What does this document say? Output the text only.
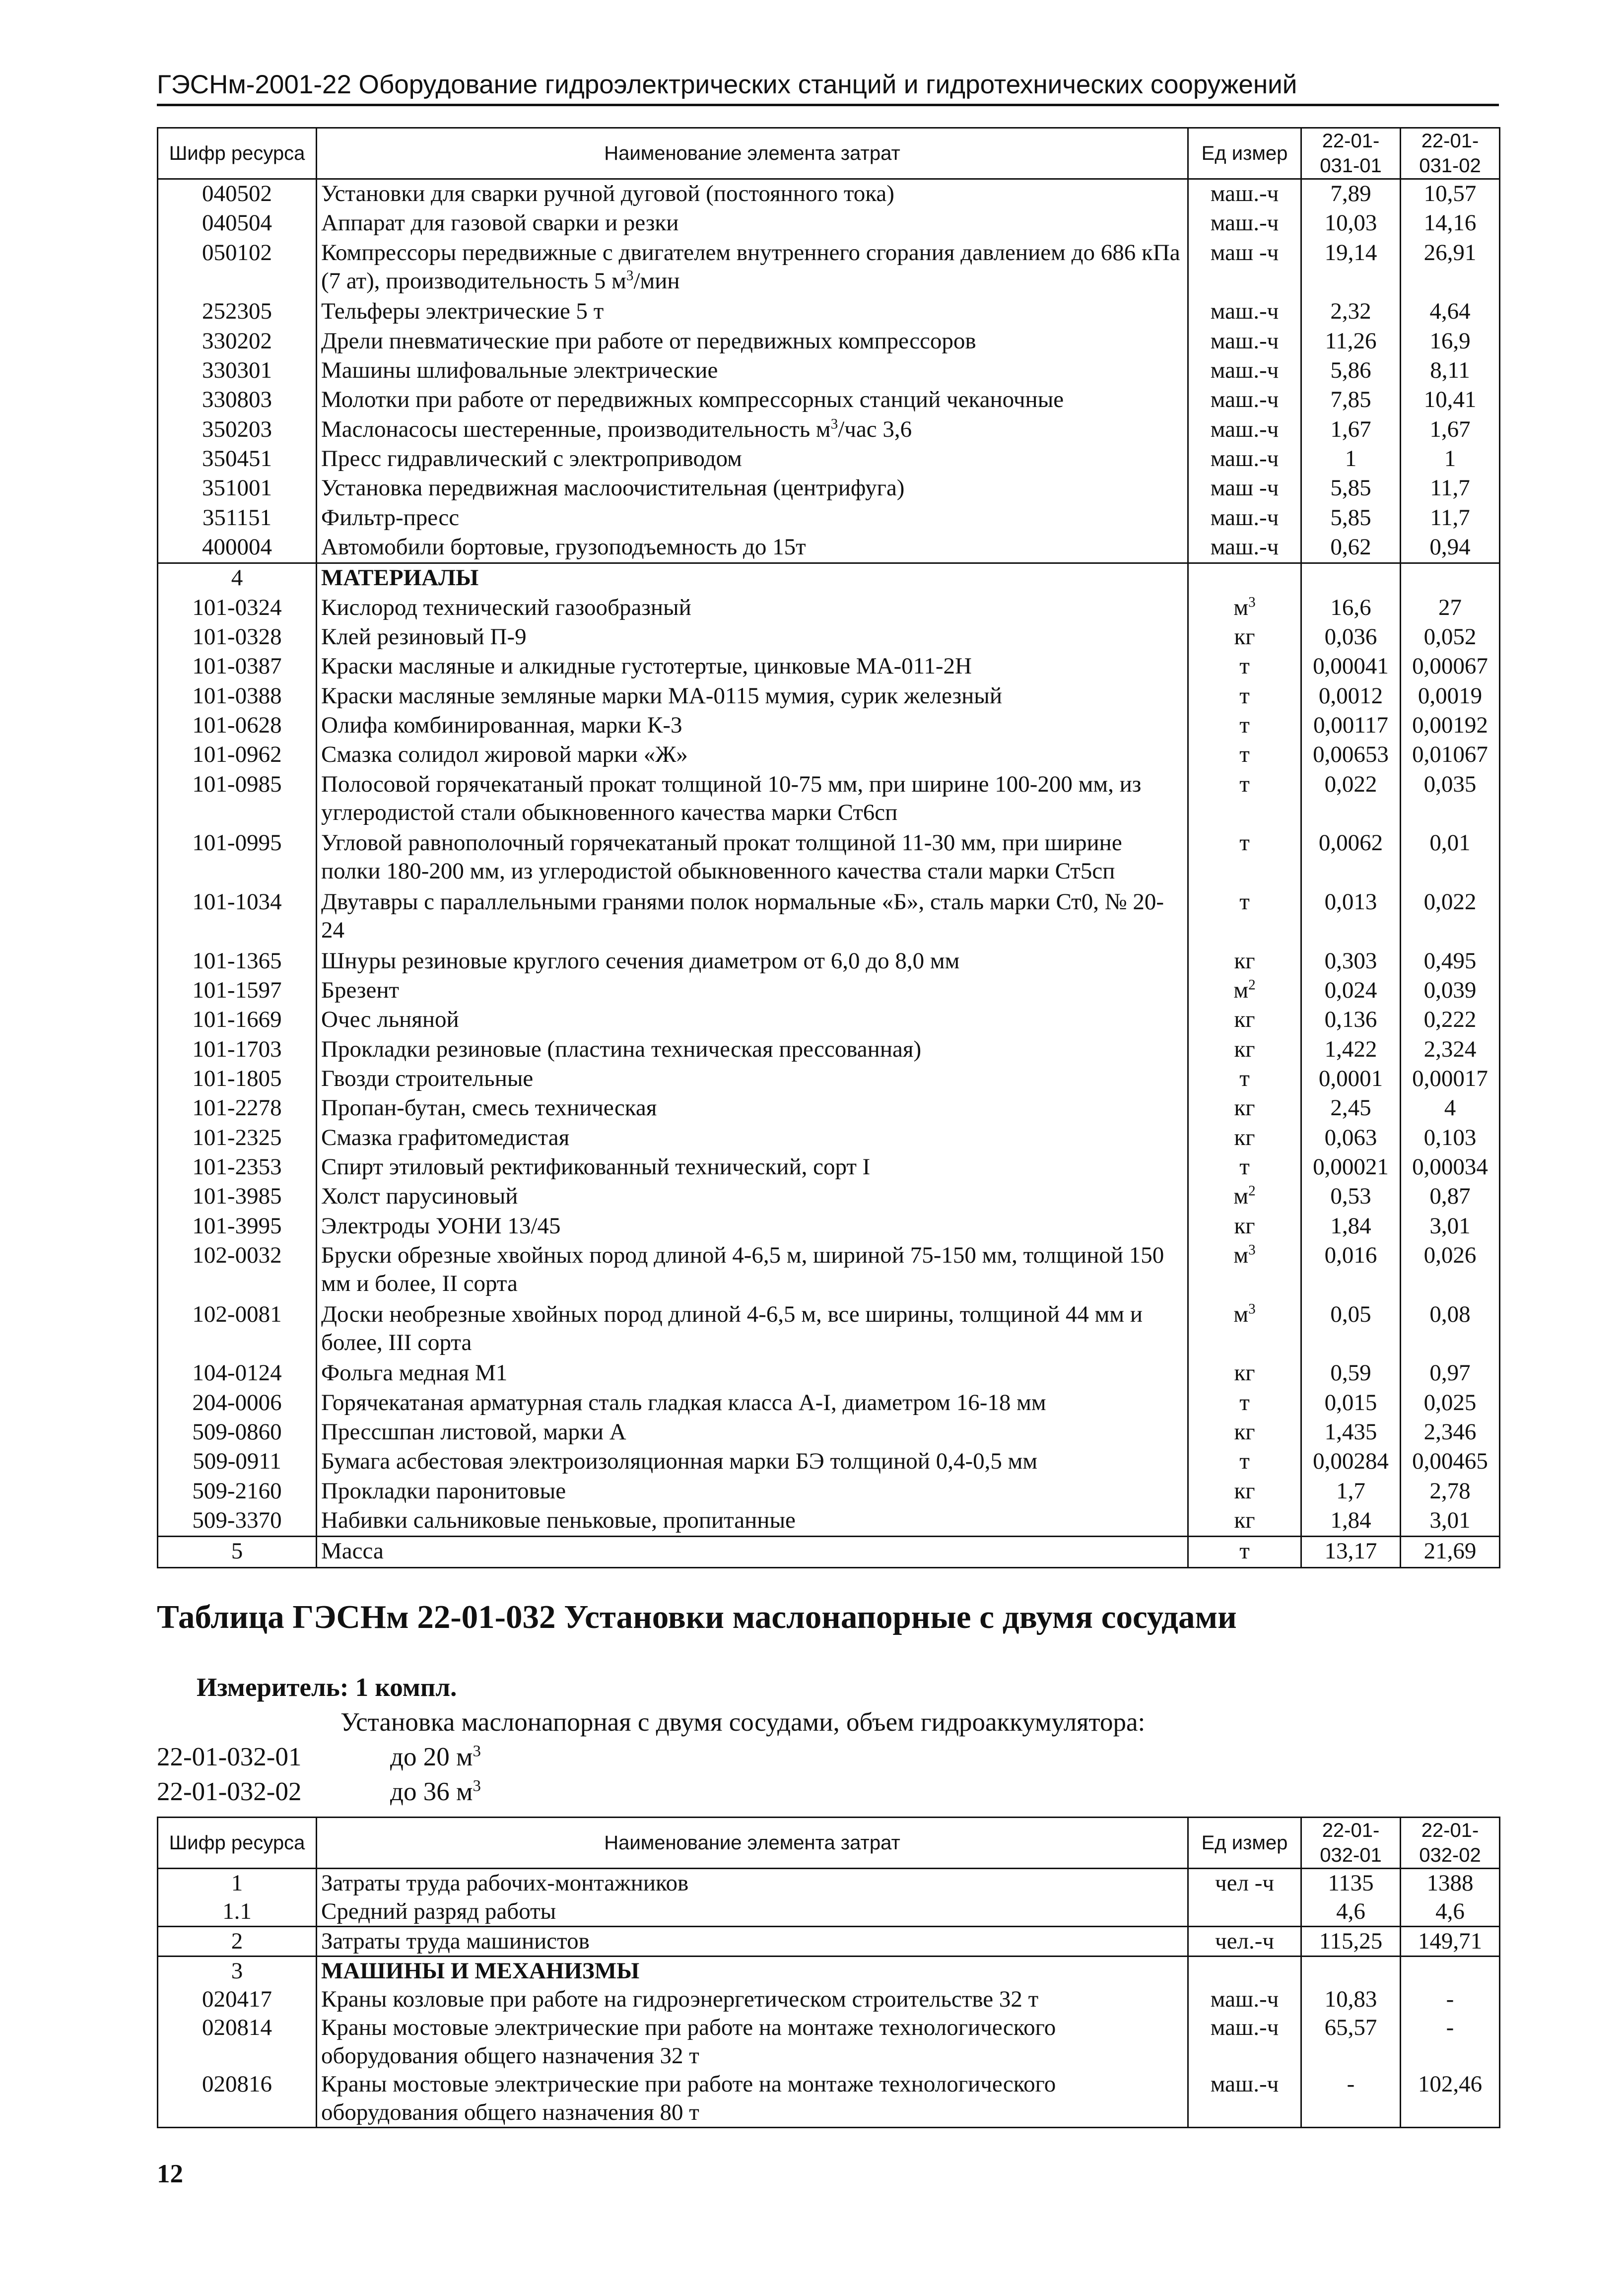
ГЭСНм-2001-22 Оборудование гидроэлектрических станций и гидротехнических сооружений
Шифр ресурса	Наименование элемента затрат	Ед измер	22-01-
031-01	22-01-
031-02
040502	Установки для сварки ручной дуговой (постоянного тока)	маш.-ч	7,89	10,57
040504	Аппарат для газовой сварки и резки	маш.-ч	10,03	14,16
050102	Компрессоры передвижные с двигателем внутреннего сгорания давлением до 686 кПа (7 ат), производительность 5 $м^3$/мин	маш -ч	19,14	26,91
252305	Тельферы электрические 5 т	маш.-ч	2,32	4,64
330202	Дрели пневматические при работе от передвижных компрессоров	маш.-ч	11,26	16,9
330301	Машины шлифовальные электрические	маш.-ч	5,86	8,11
330803	Молотки при работе от передвижных компрессорных станций чеканочные	маш.-ч	7,85	10,41
350203	Маслонасосы шестеренные, производительность $м^3$/час 3,6	маш.-ч	1,67	1,67
350451	Пресс гидравлический с электроприводом	маш.-ч	1	1
351001	Установка передвижная маслоочистительная (центрифуга)	маш -ч	5,85	11,7
351151	Фильтр-пресс	маш.-ч	5,85	11,7
400004	Автомобили бортовые, грузоподъемность до 15т	маш.-ч	0,62	0,94
4	МАТЕРИАЛЫ			
101-0324	Кислород технический газообразный	$м^3$	16,6	27
101-0328	Клей резиновый П-9	кг	0,036	0,052
101-0387	Краски масляные и алкидные густотертые, цинковые МА-011-2Н	т	0,00041	0,00067
101-0388	Краски масляные земляные марки МА-0115 мумия, сурик железный	т	0,0012	0,0019
101-0628	Олифа комбинированная, марки К-3	т	0,00117	0,00192
101-0962	Смазка солидол жировой марки «Ж»	т	0,00653	0,01067
101-0985	Полосовой горячекатаный прокат толщиной 10-75 мм, при ширине 100-200 мм, из углеродистой стали обыкновенного качества марки Ст6сп	т	0,022	0,035
101-0995	Угловой равнополочный горячекатаный прокат толщиной 11-30 мм, при ширине полки 180-200 мм, из углеродистой обыкновенного качества стали марки Ст5сп	т	0,0062	0,01
101-1034	Двутавры с параллельными гранями полок нормальные «Б», сталь марки Ст0, № 20-24	т	0,013	0,022
101-1365	Шнуры резиновые круглого сечения диаметром от 6,0 до 8,0 мм	кг	0,303	0,495
101-1597	Брезент	$м^2$	0,024	0,039
101-1669	Очес льняной	кг	0,136	0,222
101-1703	Прокладки резиновые (пластина техническая прессованная)	кг	1,422	2,324
101-1805	Гвозди строительные	т	0,0001	0,00017
101-2278	Пропан-бутан, смесь техническая	кг	2,45	4
101-2325	Смазка графитомедистая	кг	0,063	0,103
101-2353	Спирт этиловый ректификованный технический, сорт I	т	0,00021	0,00034
101-3985	Холст парусиновый	$м^2$	0,53	0,87
101-3995	Электроды УОНИ 13/45	кг	1,84	3,01
102-0032	Бруски обрезные хвойных пород длиной 4-6,5 м, шириной 75-150 мм, толщиной 150 мм и более, II сорта	$м^3$	0,016	0,026
102-0081	Доски необрезные хвойных пород длиной 4-6,5 м, все ширины, толщиной 44 мм и более, III сорта	$м^3$	0,05	0,08
104-0124	Фольга медная М1	кг	0,59	0,97
204-0006	Горячекатаная арматурная сталь гладкая класса А-I, диаметром 16-18 мм	т	0,015	0,025
509-0860	Прессшпан листовой, марки А	кг	1,435	2,346
509-0911	Бумага асбестовая электроизоляционная марки БЭ толщиной 0,4-0,5 мм	т	0,00284	0,00465
509-2160	Прокладки паронитовые	кг	1,7	2,78
509-3370	Набивки сальниковые пеньковые, пропитанные	кг	1,84	3,01
5	Масса	т	13,17	21,69
Таблица ГЭСНм 22-01-032 Установки маслонапорные с двумя сосудами
Измеритель: 1 компл.
Установка маслонапорная с двумя сосудами, объем гидроаккумулятора:
22-01-032-01	до 20 $м^3$
22-01-032-02	до 36 $м^3$
Шифр ресурса	Наименование элемента затрат	Ед измер	22-01-
032-01	22-01-
032-02
1	Затраты труда рабочих-монтажников	чел -ч	1135	1388
1.1	Средний разряд работы		4,6	4,6
2	Затраты труда машинистов	чел.-ч	115,25	149,71
3	МАШИНЫ И МЕХАНИЗМЫ			
020417	Краны козловые при работе на гидроэнергетическом строительстве 32 т	маш.-ч	10,83	-
020814	Краны мостовые электрические при работе на монтаже технологического оборудования общего назначения 32 т	маш.-ч	65,57	-
020816	Краны мостовые электрические при работе на монтаже технологического оборудования общего назначения 80 т	маш.-ч	-	102,46
12
